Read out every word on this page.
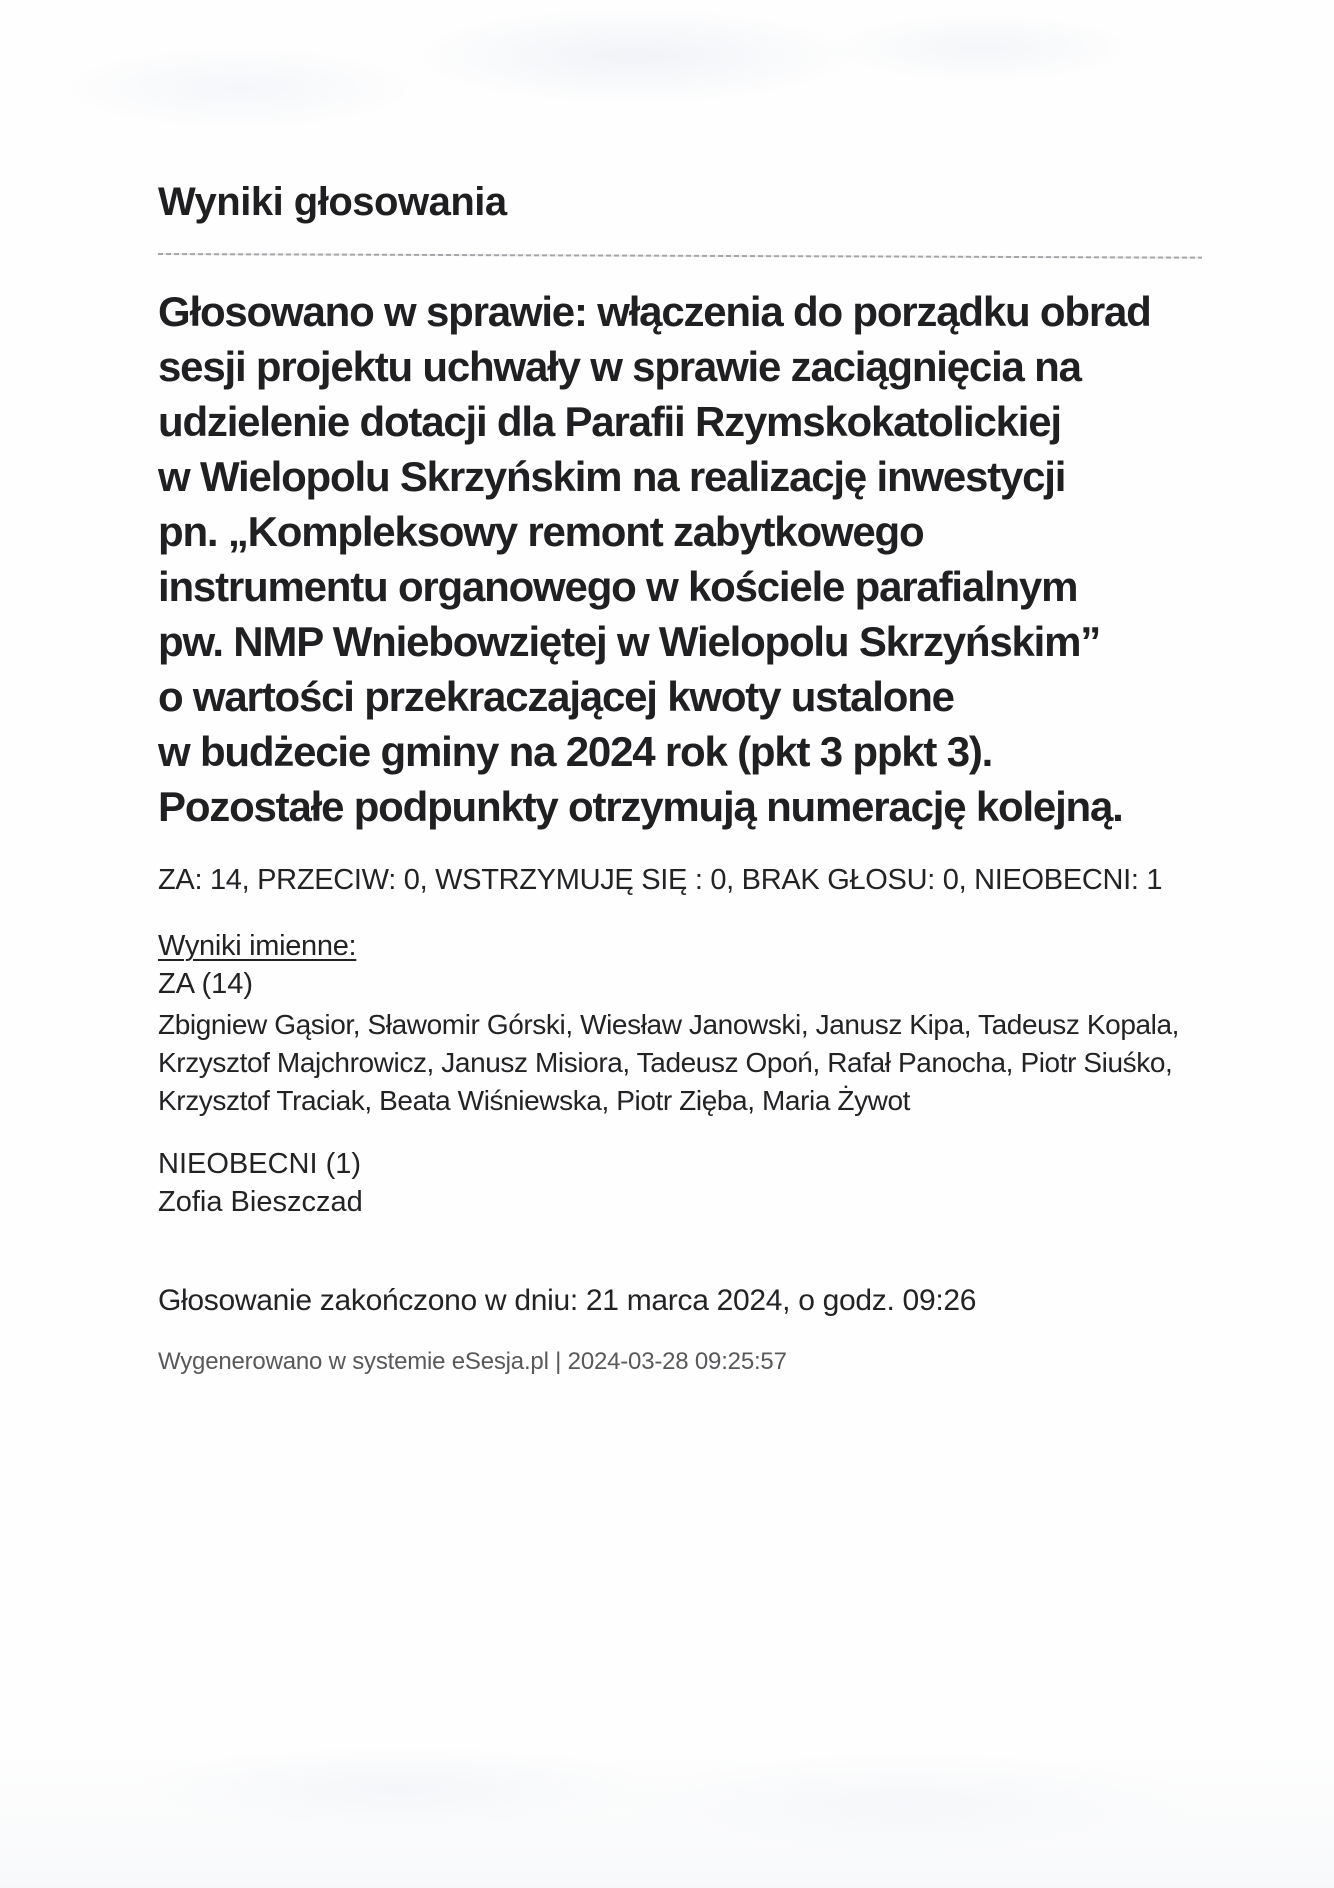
Wyniki głosowania
Głosowano w sprawie: włączenia do porządku obrad
sesji projektu uchwały w sprawie zaciągnięcia na
udzielenie dotacji dla Parafii Rzymskokatolickiej
w Wielopolu Skrzyńskim na realizację inwestycji
pn. „Kompleksowy remont zabytkowego
instrumentu organowego w kościele parafialnym
pw. NMP Wniebowziętej w Wielopolu Skrzyńskim”
o wartości przekraczającej kwoty ustalone
w budżecie gminy na 2024 rok (pkt 3 ppkt 3).
Pozostałe podpunkty otrzymują numerację kolejną.
ZA: 14, PRZECIW: 0, WSTRZYMUJĘ SIĘ : 0, BRAK GŁOSU: 0, NIEOBECNI: 1
Wyniki imienne:
ZA (14)
Zbigniew Gąsior, Sławomir Górski, Wiesław Janowski, Janusz Kipa, Tadeusz Kopala,
Krzysztof Majchrowicz, Janusz Misiora, Tadeusz Opoń, Rafał Panocha, Piotr Siuśko,
Krzysztof Traciak, Beata Wiśniewska, Piotr Zięba, Maria Żywot
NIEOBECNI (1)
Zofia Bieszczad
Głosowanie zakończono w dniu: 21 marca 2024, o godz. 09:26
Wygenerowano w systemie eSesja.pl | 2024-03-28 09:25:57
